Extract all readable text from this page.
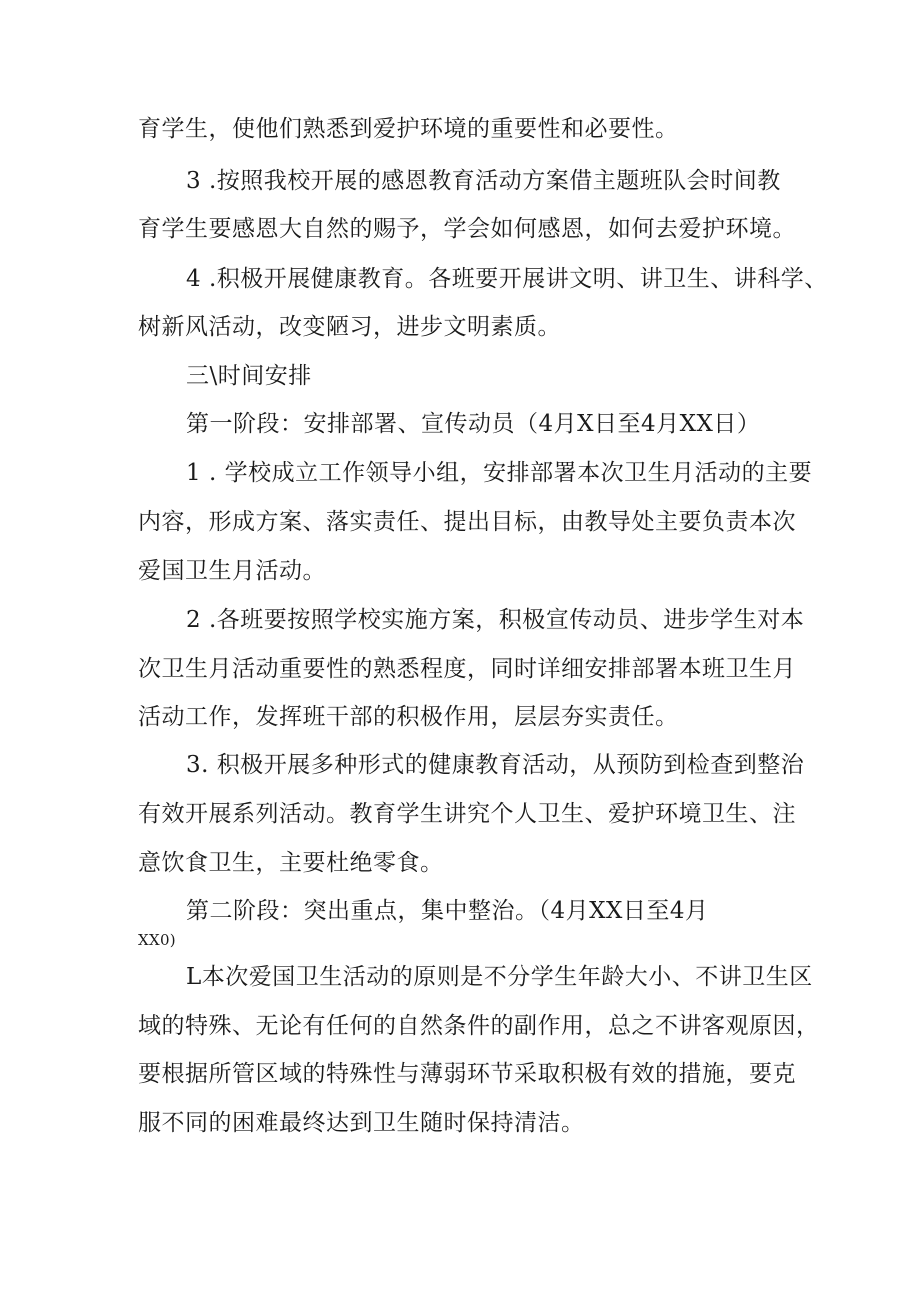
育学生，使他们熟悉到爱护环境的重要性和必要性。

3 .按照我校开展的感恩教育活动方案借主题班队会时间教

育学生要感恩大自然的赐予，学会如何感恩，如何去爱护环境。

4 .积极开展健康教育。各班要开展讲文明、讲卫生、讲科学、

树新风活动，改变陋习，进步文明素质。

三\时间安排

第一阶段：安排部署、宣传动员（4月X日至4月XX日）

1 . 学校成立工作领导小组，安排部署本次卫生月活动的主要

内容，形成方案、落实责任、提出目标，由教导处主要负责本次

爱国卫生月活动。

2 .各班要按照学校实施方案，积极宣传动员、进步学生对本

次卫生月活动重要性的熟悉程度，同时详细安排部署本班卫生月

活动工作，发挥班干部的积极作用，层层夯实责任。

3. 积极开展多种形式的健康教育活动，从预防到检查到整治

有效开展系列活动。教育学生讲究个人卫生、爱护环境卫生、注

意饮食卫生，主要杜绝零食。

第二阶段：突出重点，集中整治。（4月XX日至4月

XX0)

L本次爱国卫生活动的原则是不分学生年龄大小、不讲卫生区

域的特殊、无论有任何的自然条件的副作用，总之不讲客观原因，

要根据所管区域的特殊性与薄弱环节采取积极有效的措施，要克

服不同的困难最终达到卫生随时保持清洁。
